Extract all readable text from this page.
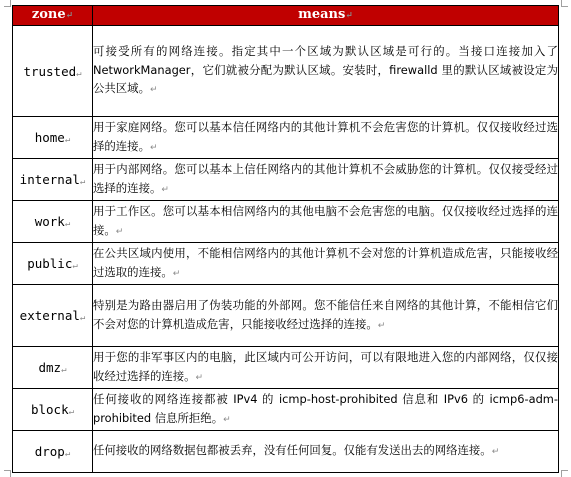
zone↵	means↵
trusted↵	可接受所有的网络连接。指定其中一个区域为默认区域是可行的。当接口连接加入了 NetworkManager，它们就被分配为默认区域。安装时，firewalld 里的默认区域被设定为公共区域。↵
home↵	用于家庭网络。您可以基本信任网络内的其他计算机不会危害您的计算机。仅仅接收经过选择的连接。↵
internal↵	用于内部网络。您可以基本上信任网络内的其他计算机不会威胁您的计算机。仅仅接受经过选择的连接。↵
work↵	用于工作区。您可以基本相信网络内的其他电脑不会危害您的电脑。仅仅接收经过选择的连接。↵
public↵	在公共区域内使用，不能相信网络内的其他计算机不会对您的计算机造成危害，只能接收经过选取的连接。↵
external↵	特别是为路由器启用了伪装功能的外部网。您不能信任来自网络的其他计算，不能相信它们不会对您的计算机造成危害，只能接收经过选择的连接。↵
dmz↵	用于您的非军事区内的电脑，此区域内可公开访问，可以有限地进入您的内部网络，仅仅接收经过选择的连接。↵
block↵	任何接收的网络连接都被 IPv4 的 icmp-host-prohibited 信息和 IPv6 的 icmp6-adm-prohibited 信息所拒绝。↵
drop↵	任何接收的网络数据包都被丢弃，没有任何回复。仅能有发送出去的网络连接。↵
